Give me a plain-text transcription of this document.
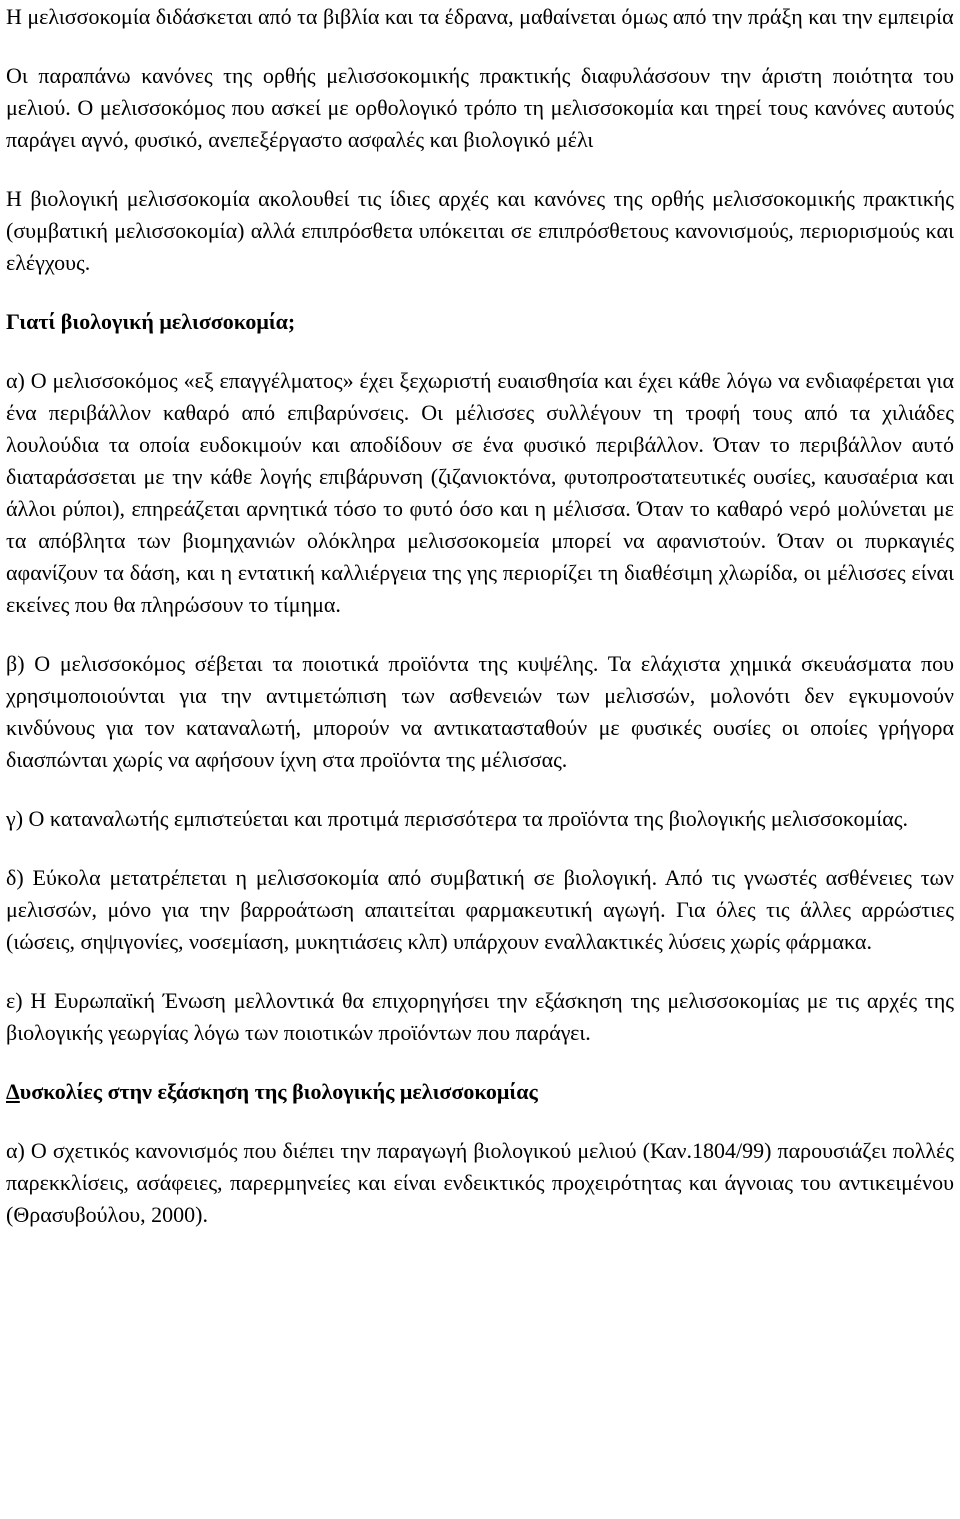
Η μελισσοκομία διδάσκεται από τα βιβλία και τα έδρανα, μαθαίνεται όμως από την πράξη και την εμπειρία

Οι παραπάνω κανόνες της ορθής μελισσοκομικής πρακτικής διαφυλάσσουν την άριστη ποιότητα του μελιού. Ο μελισσοκόμος που ασκεί με ορθολογικό τρόπο τη μελισσοκομία και τηρεί τους κανόνες αυτούς παράγει αγνό, φυσικό, ανεπεξέργαστο ασφαλές και βιολογικό μέλι

Η βιολογική μελισσοκομία ακολουθεί τις ίδιες αρχές και κανόνες της ορθής μελισσοκομικής πρακτικής (συμβατική μελισσοκομία) αλλά επιπρόσθετα υπόκειται σε επιπρόσθετους κανονισμούς, περιορισμούς και ελέγχους.

Γιατί βιολογική μελισσοκομία;

α) Ο μελισσοκόμος «εξ επαγγέλματος» έχει ξεχωριστή ευαισθησία και έχει κάθε λόγω να ενδιαφέρεται για ένα περιβάλλον καθαρό από επιβαρύνσεις. Οι μέλισσες συλλέγουν τη τροφή τους από τα χιλιάδες λουλούδια τα οποία ευδοκιμούν και αποδίδουν σε ένα φυσικό περιβάλλον. Όταν το περιβάλλον αυτό διαταράσσεται με την κάθε λογής επιβάρυνση (ζιζανιοκτόνα, φυτοπροστατευτικές ουσίες, καυσαέρια και άλλοι ρύποι), επηρεάζεται αρνητικά τόσο το φυτό όσο και η μέλισσα. Όταν το καθαρό νερό μολύνεται με τα απόβλητα των βιομηχανιών ολόκληρα μελισσοκομεία μπορεί να αφανιστούν. Όταν οι πυρκαγιές αφανίζουν τα δάση, και η εντατική καλλιέργεια της γης περιορίζει τη διαθέσιμη χλωρίδα, οι μέλισσες είναι εκείνες που θα πληρώσουν το τίμημα.

β) Ο μελισσοκόμος σέβεται τα ποιοτικά προϊόντα της κυψέλης. Τα ελάχιστα χημικά σκευάσματα που χρησιμοποιούνται για την αντιμετώπιση των ασθενειών των μελισσών, μολονότι δεν εγκυμονούν κινδύνους για τον καταναλωτή, μπορούν να αντικατασταθούν με φυσικές ουσίες οι οποίες γρήγορα διασπώνται χωρίς να αφήσουν ίχνη στα προϊόντα της μέλισσας.

γ) Ο καταναλωτής εμπιστεύεται και προτιμά περισσότερα τα προϊόντα της βιολογικής μελισσοκομίας.

δ) Εύκολα μετατρέπεται η μελισσοκομία από συμβατική σε βιολογική. Από τις γνωστές ασθένειες των μελισσών, μόνο για την βαρροάτωση απαιτείται φαρμακευτική αγωγή. Για όλες τις άλλες αρρώστιες (ιώσεις, σηψιγονίες, νοσεμίαση, μυκητιάσεις κλπ) υπάρχουν εναλλακτικές λύσεις χωρίς φάρμακα.

ε) Η Ευρωπαϊκή Ένωση μελλοντικά θα επιχορηγήσει την εξάσκηση της μελισσοκομίας με τις αρχές της βιολογικής γεωργίας λόγω των ποιοτικών προϊόντων που παράγει.

Δυσκολίες στην εξάσκηση της βιολογικής μελισσοκομίας

α) Ο σχετικός κανονισμός που διέπει την παραγωγή βιολογικού μελιού (Καν.1804/99) παρουσιάζει πολλές παρεκκλίσεις, ασάφειες, παρερμηνείες και είναι ενδεικτικός προχειρότητας και άγνοιας του αντικειμένου (Θρασυβούλου, 2000).
